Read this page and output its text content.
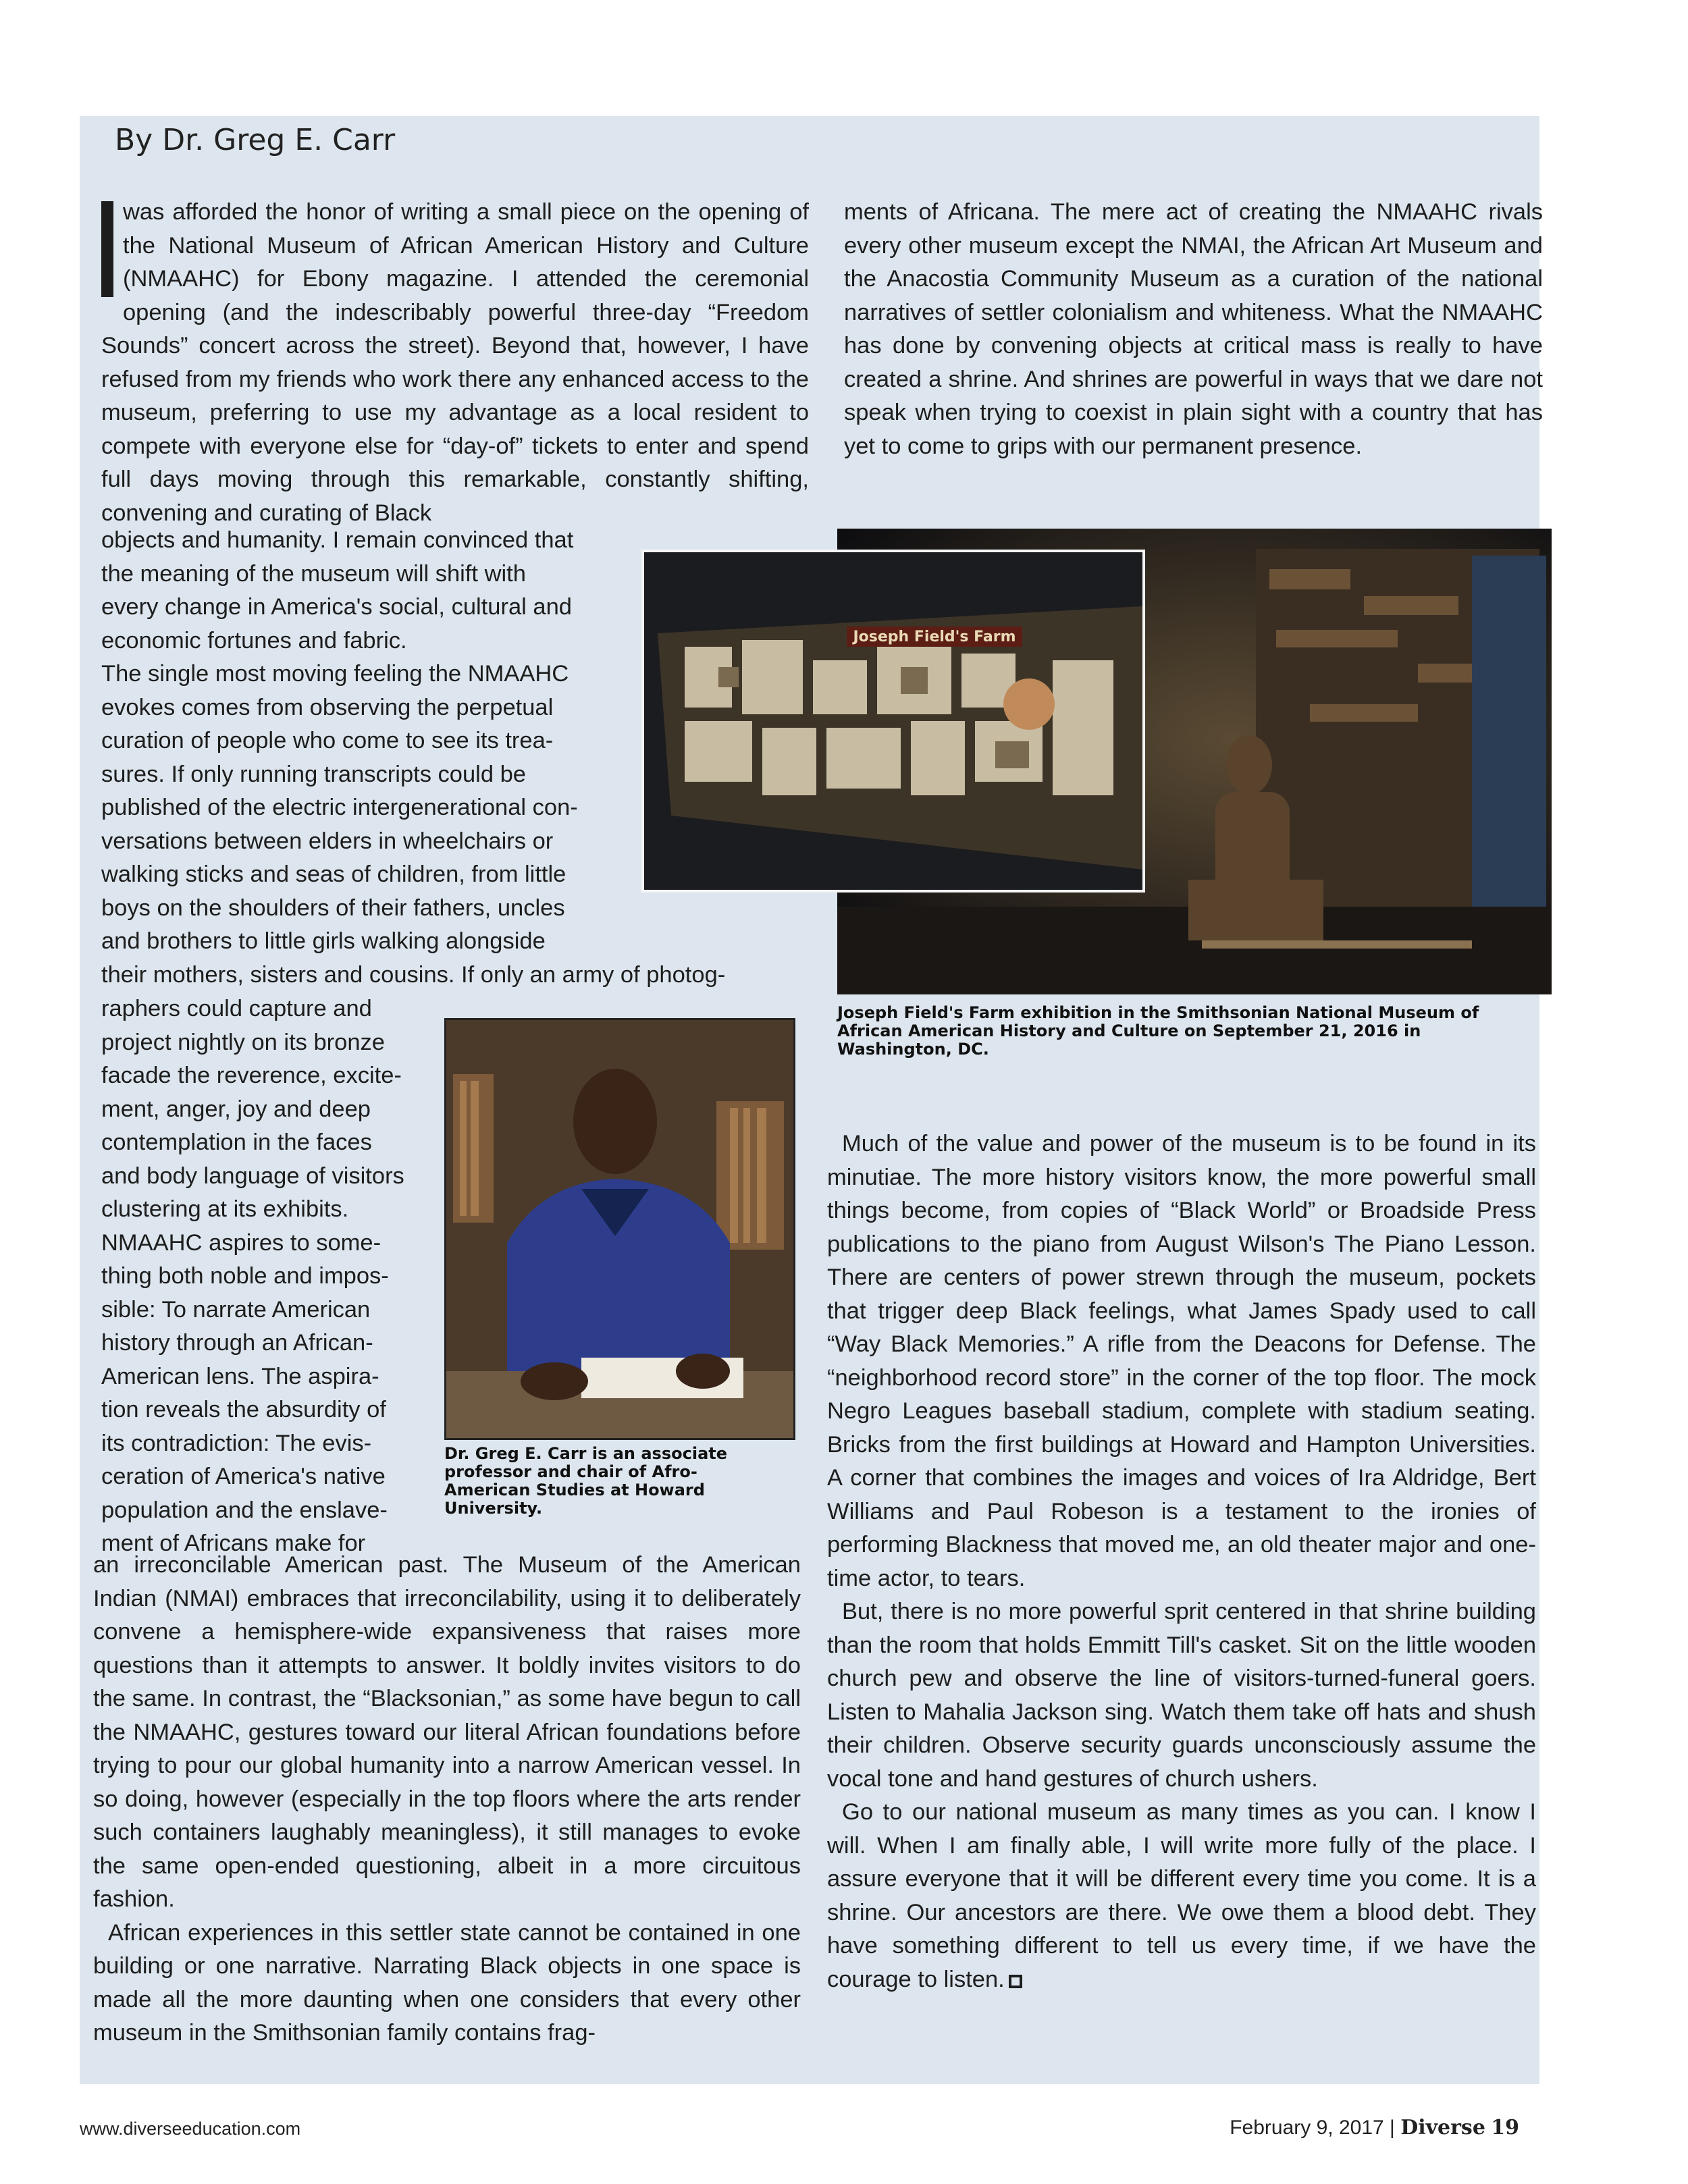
By Dr. Greg E. Carr

was afforded the honor of writing a small piece on the opening of the National Museum of African American History and Culture (NMAAHC) for Ebony magazine. I attended the ceremonial opening (and the indescribably powerful three-day “Freedom Sounds” concert across the street). Beyond that, however, I have refused from my friends who work there any enhanced access to the museum, preferring to use my advantage as a local resident to compete with everyone else for “day-of” tickets to enter and spend full days moving through this remarkable, constantly shifting, convening and curating of Black

objects and humanity. I remain convinced that
the meaning of the museum will shift with
every change in America's social, cultural and
economic fortunes and fabric.
The single most moving feeling the NMAAHC
evokes comes from observing the perpetual
curation of people who come to see its trea-
sures. If only running transcripts could be
published of the electric intergenerational con-
versations between elders in wheelchairs or
walking sticks and seas of children, from little
boys on the shoulders of their fathers, uncles
and brothers to little girls walking alongside
their mothers, sisters and cousins. If only an army of photog-
raphers could capture and
project nightly on its bronze
facade the reverence, excite-
ment, anger, joy and deep
contemplation in the faces
and body language of visitors
clustering at its exhibits.
NMAAHC aspires to some-
thing both noble and impos-
sible: To narrate American
history through an African-
American lens. The aspira-
tion reveals the absurdity of
its contradiction: The evis-
ceration of America's native
population and the enslave-
ment of Africans make for

an irreconcilable American past. The Museum of the American Indian (NMAI) embraces that irreconcilability, using it to deliberately convene a hemisphere-wide expansiveness that raises more questions than it attempts to answer. It boldly invites visitors to do the same. In contrast, the “Blacksonian,” as some have begun to call the NMAAHC, gestures toward our literal African foundations before trying to pour our global humanity into a narrow American vessel. In so doing, however (especially in the top floors where the arts render such containers laughably meaningless), it still manages to evoke the same open-ended questioning, albeit in a more circuitous fashion.

African experiences in this settler state cannot be contained in one building or one narrative. Narrating Black objects in one space is made all the more daunting when one considers that every other museum in the Smithsonian family contains frag-

ments of Africana. The mere act of creating the NMAAHC rivals every other museum except the NMAI, the African Art Museum and the Anacostia Community Museum as a curation of the national narratives of settler colonialism and whiteness. What the NMAAHC has done by convening objects at critical mass is really to have created a shrine. And shrines are powerful in ways that we dare not speak when trying to coexist in plain sight with a country that has yet to come to grips with our permanent presence.

Joseph Field's Farm
Joseph Field's Farm exhibition in the Smithsonian National Museum of African American History and Culture on September 21, 2016 in Washington, DC.
Dr. Greg E. Carr is an associate professor and chair of Afro-American Studies at Howard University.

Much of the value and power of the museum is to be found in its minutiae. The more history visitors know, the more powerful small things become, from copies of “Black World” or Broadside Press publications to the piano from August Wilson's The Piano Lesson. There are centers of power strewn through the museum, pockets that trigger deep Black feelings, what James Spady used to call “Way Black Memories.” A rifle from the Deacons for Defense. The “neighborhood record store” in the corner of the top floor. The mock Negro Leagues baseball stadium, complete with stadium seating. Bricks from the first buildings at Howard and Hampton Universities. A corner that combines the images and voices of Ira Aldridge, Bert Williams and Paul Robeson is a testament to the ironies of performing Blackness that moved me, an old theater major and one-time actor, to tears.

But, there is no more powerful sprit centered in that shrine building than the room that holds Emmitt Till's casket. Sit on the little wooden church pew and observe the line of visitors-turned-funeral goers. Listen to Mahalia Jackson sing. Watch them take off hats and shush their children. Observe security guards unconsciously assume the vocal tone and hand gestures of church ushers.

Go to our national museum as many times as you can. I know I will. When I am finally able, I will write more fully of the place. I assure everyone that it will be different every time you come. It is a shrine. Our ancestors are there. We owe them a blood debt. They have something different to tell us every time, if we have the courage to listen.

www.diverseeducation.com	February 9, 2017 | Diverse 19
